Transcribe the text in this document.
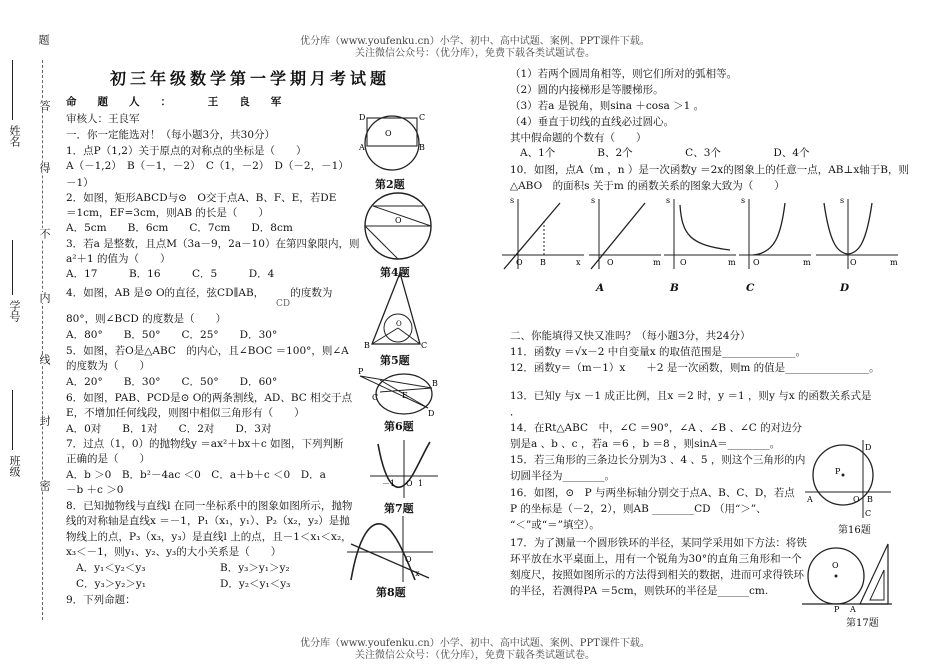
优分库（www.youfenku.cn）小学、初中、高中试题、案例、PPT课件下载。
关注微信公众号：（优分库），免费下载各类试题试卷。
题
姓名
学号
班级
答
得
不
内
线
封
密
初三年级数学第一学期月考试题
命　　题　　人　　：　　　　王　　良　　军
审核人：王良军
一．你一定能选对！（每小题3分，共30分）
1．点P（1,2）关于原点的对称点的坐标是（　　）
A（－1,2）　B（－1，－2）　C（1，－2）　D（－2，－1）
－1）
2．如图，矩形ABCD与⊙　O交于点A、B、F、E，若DE
＝1cm，EF=3cm，则AB 的长是（　　）
A．5cm　　B．6cm　　C．7cm　　D．8cm
3．若a 是整数，且点M（3a－9，2a－10）在第四象限内，则
a²＋1 的值为（　　）
A．17　　　B．16　　　C．5　　　D．4
4．如图，AB 是⊙ O的直径，弦CD∥AB，　　　的度数为
CD
80°，则∠BCD 的度数是（　　）
A．80°　　B．50°　　C．25°　　D．30°
5．如图，若O是△ABC　的内心，且∠BOC ＝100°，则∠A
的度数为（　　）
A．20°　　B．30°　　C．50°　　D．60°
6．如图，PAB、PCD是⊙ O的两条割线，AD、BC 相交于点
E，不增加任何线段，则图中相似三角形有（　　）
A．0对　　B．1对　　C．2对　　D．3对
7．过点（1，0）的抛物线y ＝ax²＋bx＋c 如图，下列判断
正确的是（　　）
A．b ＞0　B．b²－4ac ＜0　C．a＋b＋c ＜0　D．a
－b ＋c ＞0
8．已知抛物线与直线l 在同一坐标系中的图象如图所示，抛物
线的对称轴是直线x ＝－1，P₁（x₁，y₁）、P₂（x₂，y₂）是抛
物线上的点，P₃（x₃，y₃）是直线l 上的点，且－1＜x₁＜x₂，
x₃＜－1，则y₁、y₂、y₃的大小关系是（　　）
A．y₁＜y₂＜y₃	B．y₃＞y₁＞y₂
C．y₃＞y₂＞y₁	D．y₂＜y₁＜y₃
9．下列命题：
D	C
A	B
O
第2题
O
第4题
B	C
O
第5题
P
C	E
B
D
第6题
－1	1
O
第7题
O
x
第8题
（1）若两个圆周角相等，则它们所对的弧相等。
（2）圆的内接梯形是等腰梯形。
（3）若a 是锐角，则sina ＋cosa ＞1 。
（4）垂直于切线的直线必过圆心。
其中假命题的个数有（　　）
A、1个　　　　B、2个　　　　　C、3个　　　　　D、4个
10．如图，点A（m ，n ）是一次函数y ＝2x的图象上的任意一点，AB⊥x轴于B，则
△ABO　的面积s 关于m 的函数关系的图象大致为（　　）
s
O B	x
A
s
O	m
B
s
O	m
C
s
O	m
s
O	m
D
二、你能填得又快又准吗？（每小题3分，共24分）
11．函数y ＝√x－2 中自变量x 的取值范围是______________。
12．函数y＝（m－1）x　　＋2 是一次函数，则m 的值是________________。
13．已知y 与x －1 成正比例，且x ＝2 时，y ＝1 ，则y 与x 的函数关系式是
．
14．在Rt△ABC　中，∠C ＝90°，∠A 、∠B 、∠C 的对边分
别是a 、b 、c ，若a ＝6 ，b ＝8 ，则sinA＝________。
15．若三角形的三条边长分别为3 、4 、5 ，则这个三角形的内
切圆半径为________。
16．如图，⊙　P 与两坐标轴分别交于点A、B、C、D，若点
P 的坐标是（－2，2），则AB ________CD （用“＞”、
“＜”或“＝”填空）。
17．为了测量一个圆形铁环的半径，某同学采用如下方法：将铁
环平放在水平桌面上，用有一个锐角为30°的直角三角形和一个
刻度尺，按照如图所示的方法得到相关的数据，进而可求得铁环
的半径，若测得PA ＝5cm，则铁环的半径是______cm.
D
P
A	O B
C
第16题
O
P A
第17题
优分库（www.youfenku.cn）小学、初中、高中试题、案例、PPT课件下载。
关注微信公众号：（优分库），免费下载各类试题试卷。
